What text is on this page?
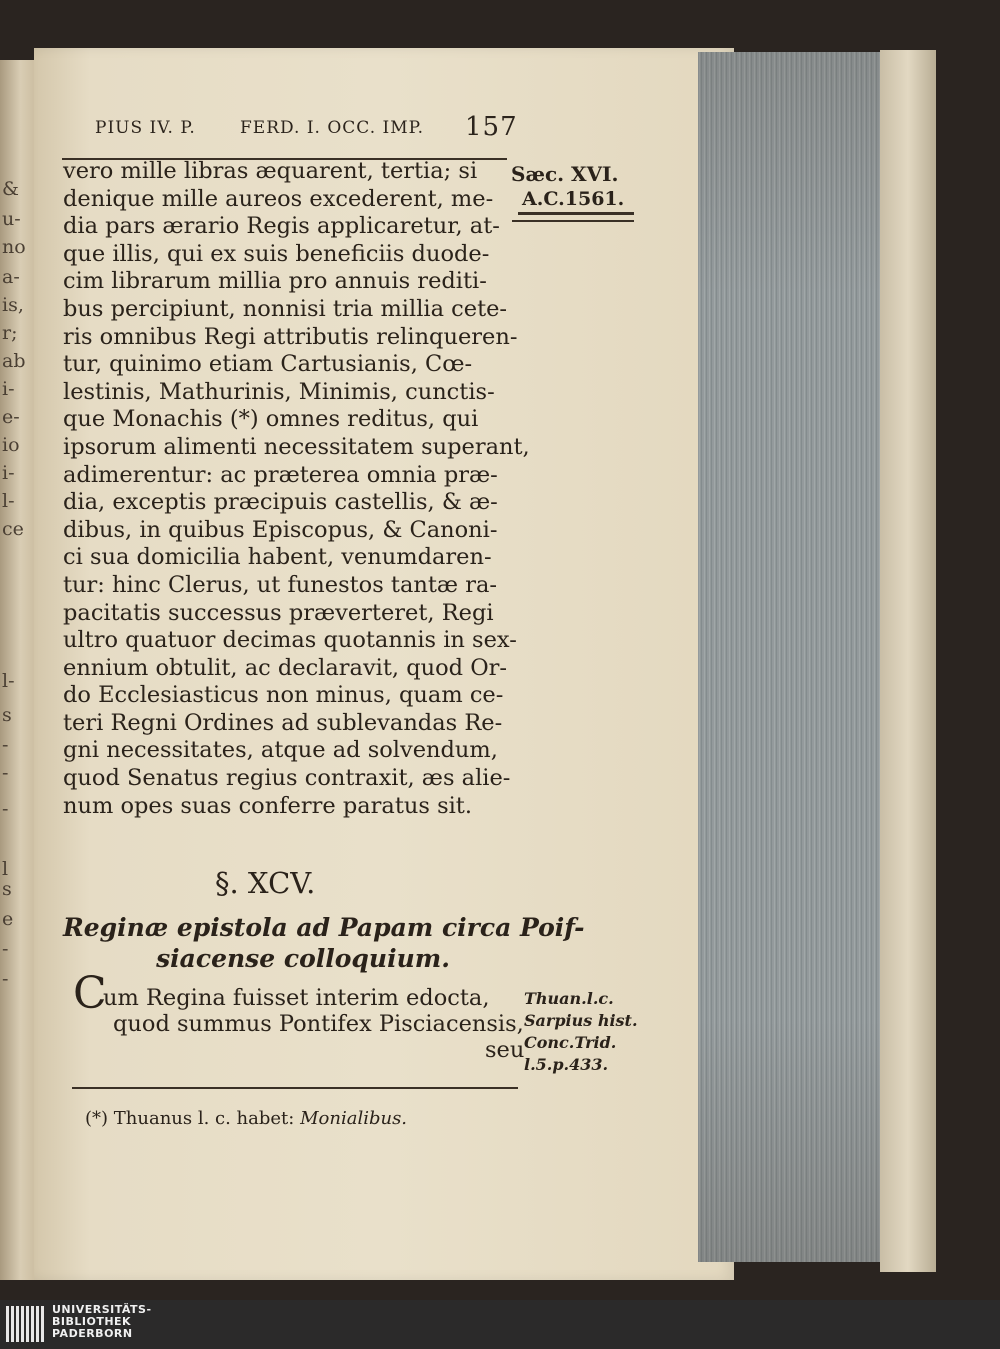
&
u-
no
a-
is,
r;
ab
i-
e-
io
i-
l-
ce
l-
s
-
-
-
s
e
-
l
-
PIUS IV. P.	FERD. I. OCC. IMP. 157
Sæc. XVI.
A.C.1561.
vero mille libras æquarent, tertia; si
denique mille aureos excederent, me-
dia pars ærario Regis applicaretur, at-
que illis, qui ex suis beneficiis duode-
cim librarum millia pro annuis rediti-
bus percipiunt, nonnisi tria millia cete-
ris omnibus Regi attributis relinqueren-
tur, quinimo etiam Cartusianis, Cœ-
lestinis, Mathurinis, Minimis, cunctis-
que Monachis (*) omnes reditus, qui
ipsorum alimenti necessitatem superant,
adimerentur: ac præterea omnia præ-
dia, exceptis præcipuis castellis, & æ-
dibus, in quibus Episcopus, & Canoni-
ci sua domicilia habent, venumdaren-
tur: hinc Clerus, ut funestos tantæ ra-
pacitatis successus præverteret, Regi
ultro quatuor decimas quotannis in sex-
ennium obtulit, ac declaravit, quod Or-
do Ecclesiasticus non minus, quam ce-
teri Regni Ordines ad sublevandas Re-
gni necessitates, atque ad solvendum,
quod Senatus regius contraxit, æs alie-
num opes suas conferre paratus sit.
§. XCV.
Reginæ epistola ad Papam circa Poif-
siacense colloquium.
C
um Regina fuisset interim edocta,
quod summus Pontifex Pisciacensis,
seu
Thuan.l.c.
Sarpius hist.
Conc.Trid.
l.5.p.433.
(*) Thuanus l. c. habet: Monialibus.
UNIVERSITÄTS-
BIBLIOTHEK
PADERBORN
